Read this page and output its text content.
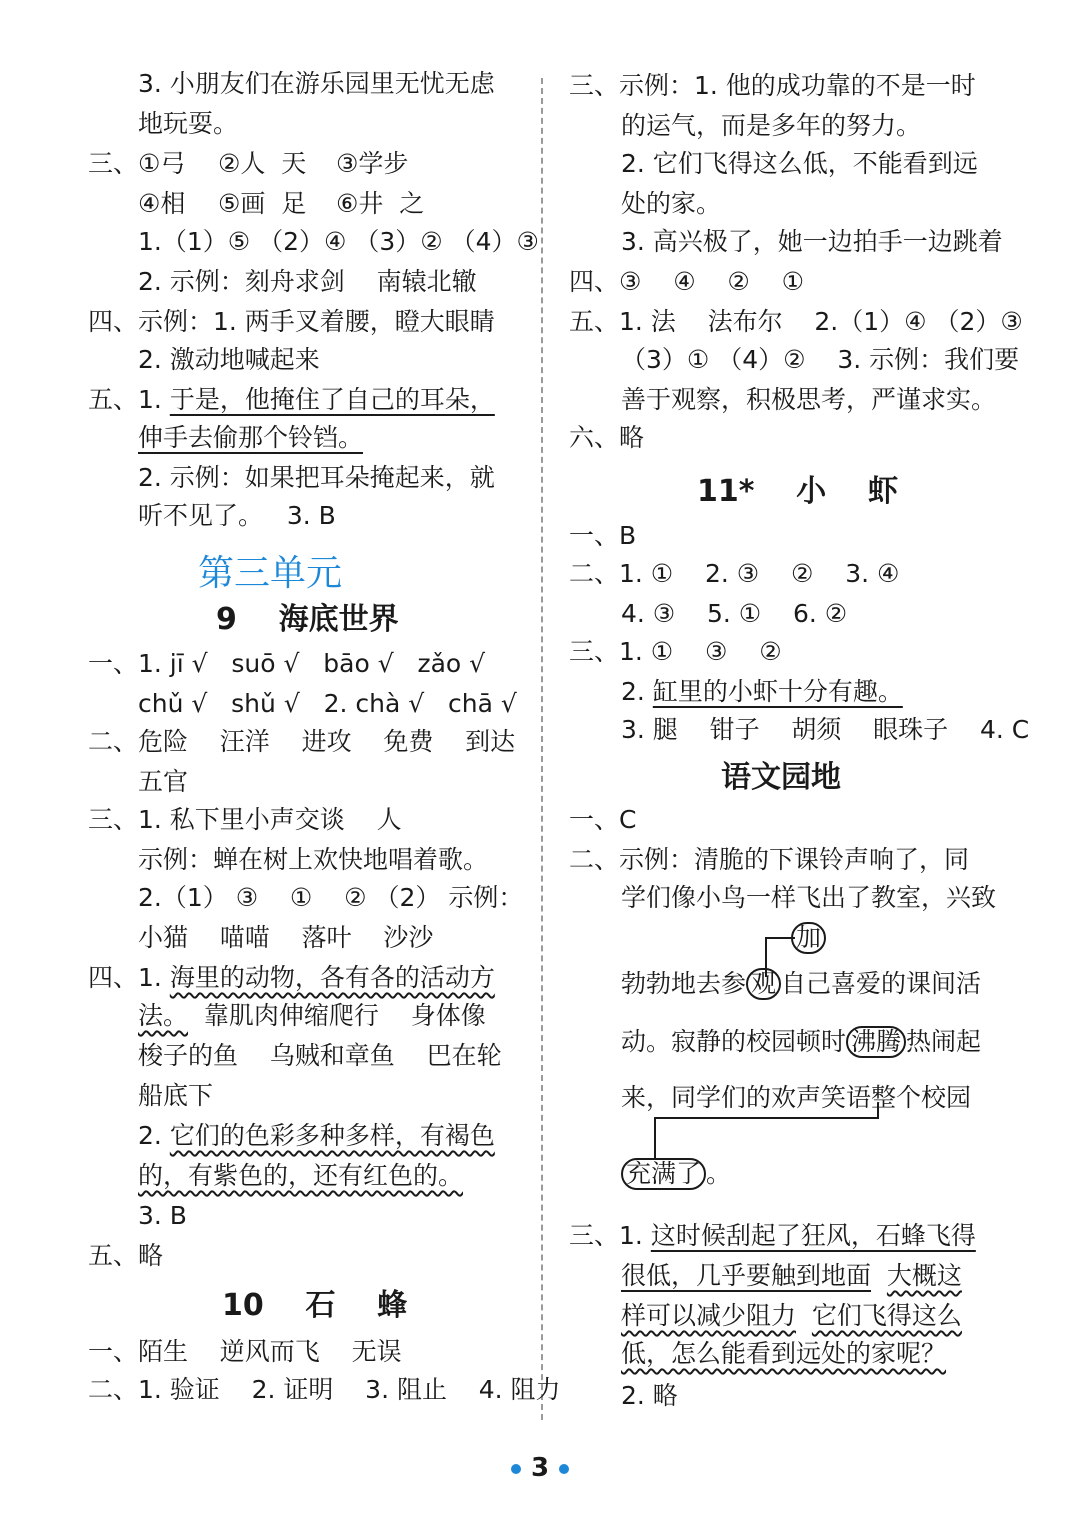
3. 小朋友们在游乐园里无忧无虑
地玩耍。
三、①弓 ②人  天 ③学步
④相 ⑤画  足 ⑥井  之
1.（1）⑤ （2）④ （3）② （4）③
2. 示例：刻舟求剑    南辕北辙
四、示例：1. 两手叉着腰，瞪大眼睛
2. 激动地喊起来
五、1. 于是，他掩住了自己的耳朵，
伸手去偷那个铃铛。
2. 示例：如果把耳朵掩起来，就
听不见了。   3. B
第三单元
9    海底世界
一、1. jī √   suō √   bāo √   zǎo √
chǔ √   shǔ √   2. chà √   chā √
二、危险    汪洋    进攻    免费    到达
五官
三、1. 私下里小声交谈    人
示例：蝉在树上欢快地唱着歌。
2.（1） ③    ①    ② （2） 示例：
小猫    喵喵    落叶    沙沙
四、1. 海里的动物，各有各的活动方
法。  靠肌肉伸缩爬行    身体像
梭子的鱼    乌贼和章鱼    巴在轮
船底下
2. 它们的色彩多种多样，有褐色
的，有紫色的，还有红色的。
3. B
五、略
10    石    蜂
一、陌生    逆风而飞    无误
二、1. 验证    2. 证明    3. 阻止    4. 阻力
三、示例：1. 他的成功靠的不是一时
的运气，而是多年的努力。
2. 它们飞得这么低，不能看到远
处的家。
3. 高兴极了，她一边拍手一边跳着
四、③    ④    ②    ①
五、1. 法    法布尔    2.（1）④ （2）③
（3）① （4）②    3. 示例：我们要
善于观察，积极思考，严谨求实。
六、略
11*    小    虾
一、B
二、1. ①    2. ③    ②    3. ④
4. ③    5. ①    6. ②
三、1. ①    ③    ②
2. 缸里的小虾十分有趣。
3. 腿    钳子    胡须    眼珠子    4. C
语文园地
一、C
二、示例：清脆的下课铃声响了，同
学们像小鸟一样飞出了教室，兴致
加
勃勃地去参 观 自己喜爱的课间活
动。寂静的校园顿时 沸腾 热闹起
来，同学们的欢声笑语整个校园
充满了 。
三、1. 这时候刮起了狂风，石蜂飞得
很低，几乎要触到地面 大概这
样可以减少阻力 它们飞得这么
低，怎么能看到远处的家呢？
2. 略
3
